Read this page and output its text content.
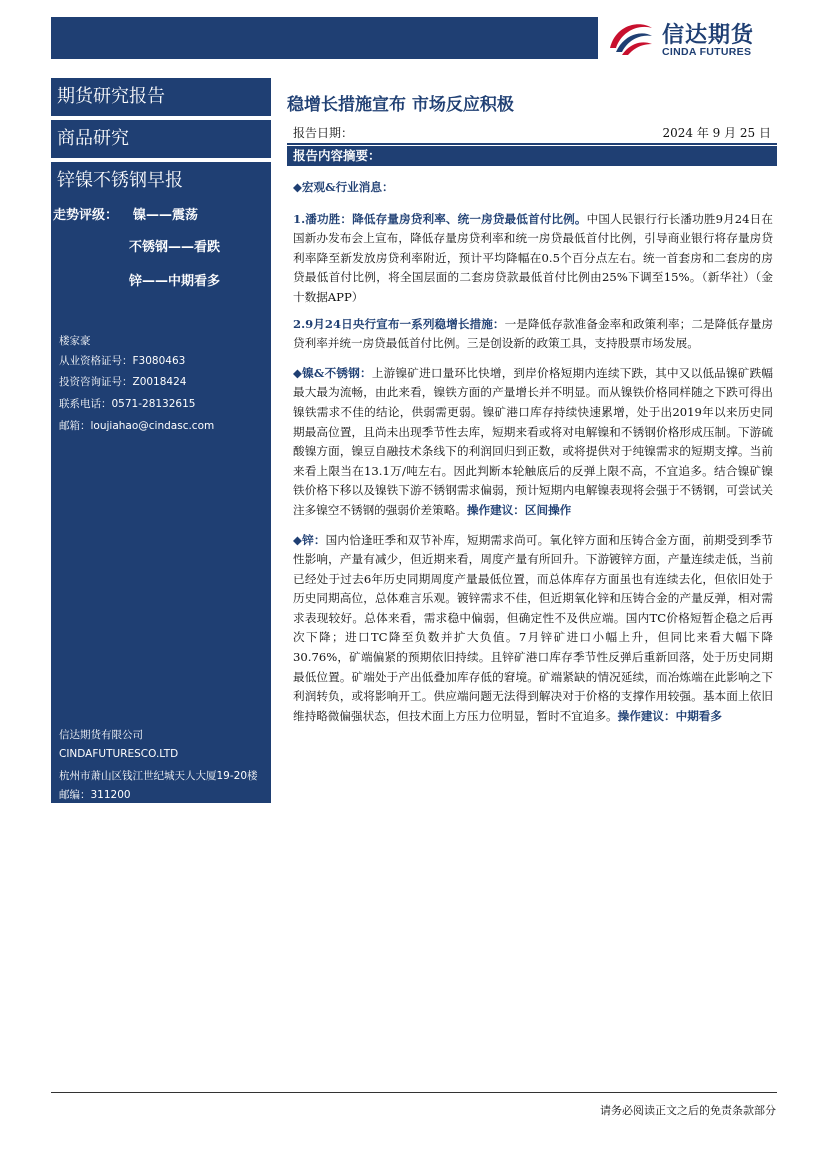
信达期货
CINDA FUTURES
期货研究报告
商品研究
锌镍不锈钢早报
走势评级： 镍——震荡
不锈钢——看跌
锌——中期看多
楼家豪
从业资格证号：F3080463
投资咨询证号：Z0018424
联系电话：0571-28132615
邮箱：loujiahao@cindasc.com
信达期货有限公司
CINDAFUTURESCO.LTD
杭州市萧山区钱江世纪城天人大厦19-20楼
邮编：311200
稳增长措施宣布 市场反应积极
报告日期：	2024 年 9 月 25 日
报告内容摘要：

◆宏观&行业消息：

1.潘功胜：降低存量房贷利率、统一房贷最低首付比例。中国人民银行行长潘功胜9月24日在国新办发布会上宣布，降低存量房贷利率和统一房贷最低首付比例，引导商业银行将存量房贷利率降至新发放房贷利率附近，预计平均降幅在0.5个百分点左右。统一首套房和二套房的房贷最低首付比例，将全国层面的二套房贷款最低首付比例由25%下调至15%。（新华社）（金十数据APP）

2.9月24日央行宣布一系列稳增长措施：一是降低存款准备金率和政策利率；二是降低存量房贷利率并统一房贷最低首付比例。三是创设新的政策工具，支持股票市场发展。

◆镍&不锈钢：上游镍矿进口量环比快增，到岸价格短期内连续下跌，其中又以低品镍矿跌幅最大最为流畅，由此来看，镍铁方面的产量增长并不明显。而从镍铁价格同样随之下跌可得出镍铁需求不佳的结论，供弱需更弱。镍矿港口库存持续快速累增，处于出2019年以来历史同期最高位置，且尚未出现季节性去库，短期来看或将对电解镍和不锈钢价格形成压制。下游硫酸镍方面，镍豆自融技术条线下的利润回归到正数，或将提供对于纯镍需求的短期支撑。当前来看上限当在13.1万/吨左右。因此判断本轮触底后的反弹上限不高，不宜追多。结合镍矿镍铁价格下移以及镍铁下游不锈钢需求偏弱，预计短期内电解镍表现将会强于不锈钢，可尝试关注多镍空不锈钢的强弱价差策略。操作建议：区间操作

◆锌：国内恰逢旺季和双节补库，短期需求尚可。氧化锌方面和压铸合金方面，前期受到季节性影响，产量有减少，但近期来看，周度产量有所回升。下游镀锌方面，产量连续走低，当前已经处于过去6年历史同期周度产量最低位置，而总体库存方面虽也有连续去化，但依旧处于历史同期高位，总体难言乐观。镀锌需求不佳，但近期氧化锌和压铸合金的产量反弹，相对需求表现较好。总体来看，需求稳中偏弱，但确定性不及供应端。国内TC价格短暂企稳之后再次下降；进口TC降至负数并扩大负值。7月锌矿进口小幅上升，但同比来看大幅下降30.76%，矿端偏紧的预期依旧持续。且锌矿港口库存季节性反弹后重新回落，处于历史同期最低位置。矿端处于产出低叠加库存低的窘境。矿端紧缺的情况延续，而冶炼端在此影响之下利润转负，或将影响开工。供应端问题无法得到解决对于价格的支撑作用较强。基本面上依旧维持略微偏强状态，但技术面上方压力位明显，暂时不宜追多。操作建议：中期看多

请务必阅读正文之后的免责条款部分
